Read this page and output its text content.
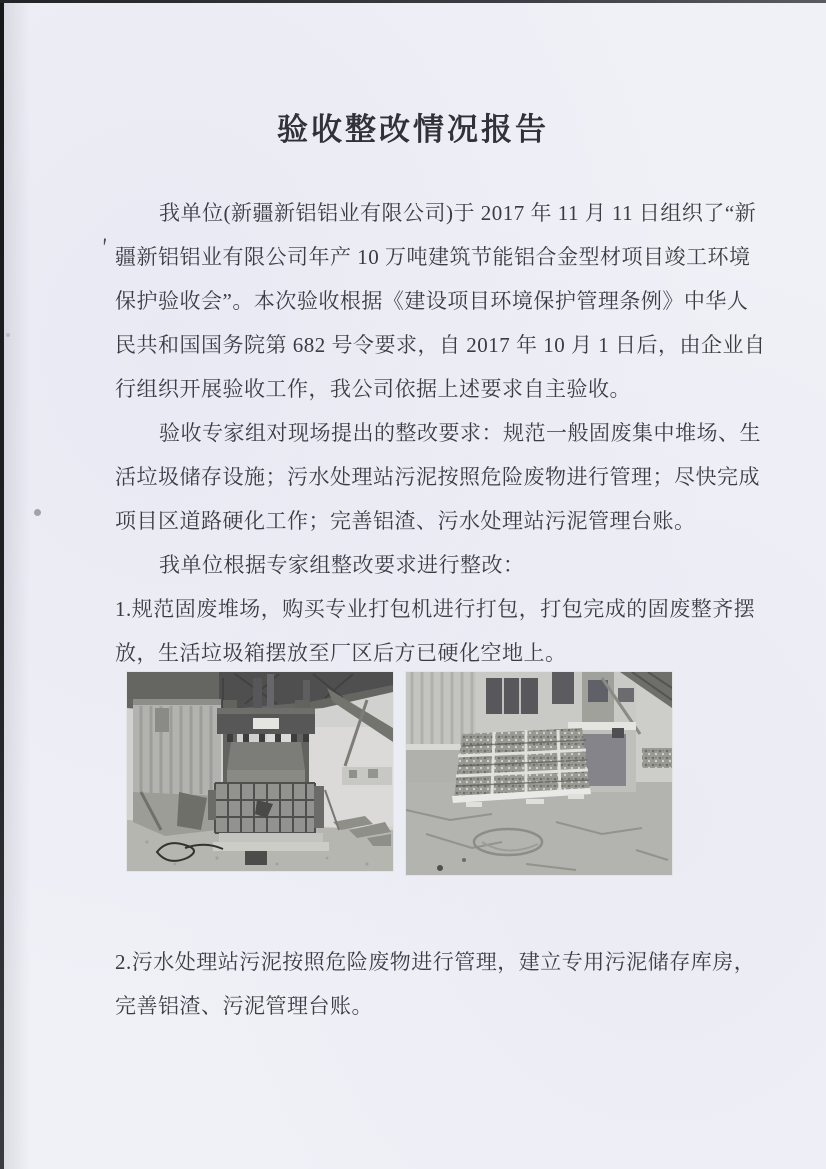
＇
验收整改情况报告
我单位(新疆新铝铝业有限公司)于 2017 年 11 月 11 日组织了“新
疆新铝铝业有限公司年产 10 万吨建筑节能铝合金型材项目竣工环境
保护验收会”。本次验收根据《建设项目环境保护管理条例》中华人
民共和国国务院第 682 号令要求，自 2017 年 10 月 1 日后，由企业自
行组织开展验收工作，我公司依据上述要求自主验收。
验收专家组对现场提出的整改要求：规范一般固废集中堆场、生
活垃圾储存设施；污水处理站污泥按照危险废物进行管理；尽快完成
项目区道路硬化工作；完善铝渣、污水处理站污泥管理台账。
我单位根据专家组整改要求进行整改：
1.规范固废堆场，购买专业打包机进行打包，打包完成的固废整齐摆
放，生活垃圾箱摆放至厂区后方已硬化空地上。
2.污水处理站污泥按照危险废物进行管理，建立专用污泥储存库房，
完善铝渣、污泥管理台账。
